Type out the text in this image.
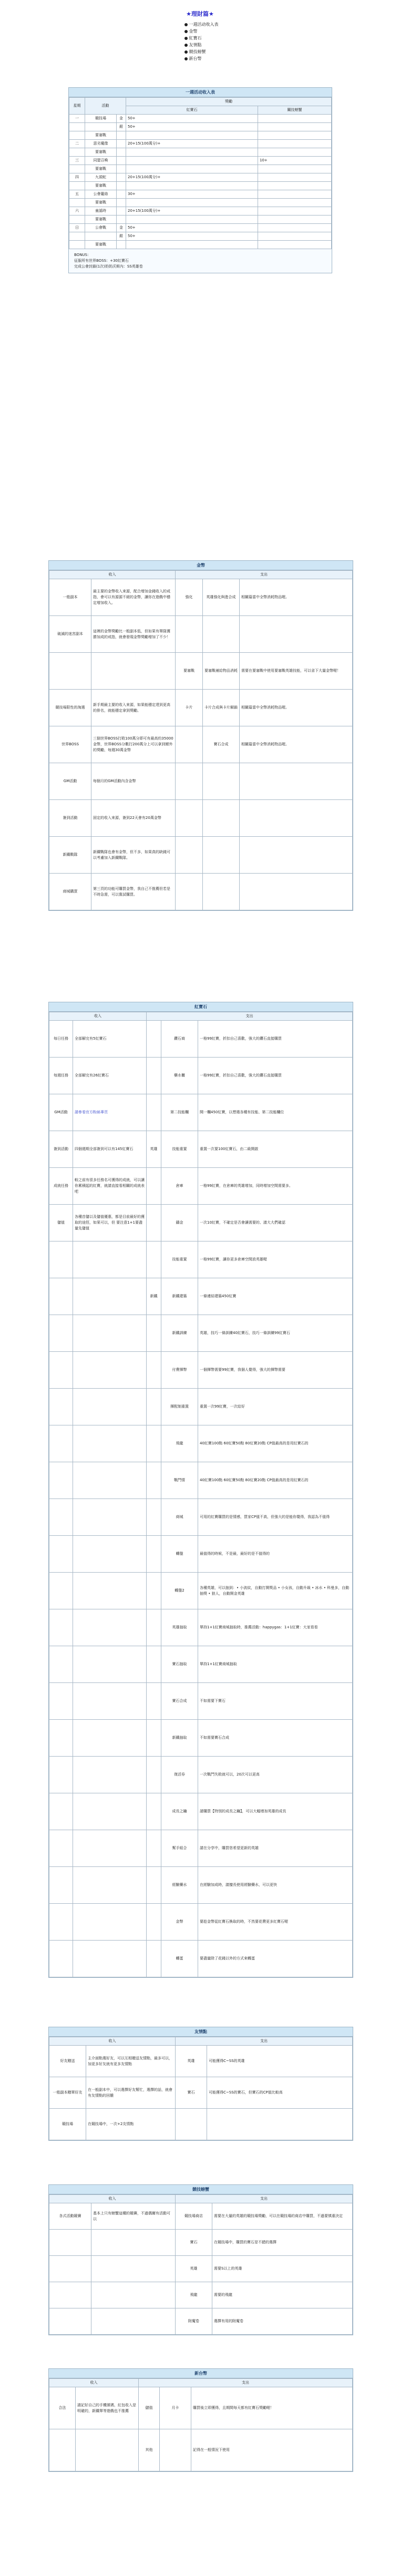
★理財篇★
一週活动收入表
金幣
紅寶石
友情點
競技螃蟹
新台幣
一週活动收入表
星期	活動		獎勵	
			紅寶石	關技螃蟹
一	競技場	金	50+	
		銀	50+	
	要塞戰			
二	惡劣魔像		20+15(100萬分)+	
	要塞戰			
三	同盟召喚			10+
	要塞戰			
四	九頭蛇		20+15(100萬分)+	
	要塞戰			
五	公會籠絡		30+	
	要塞戰			
六	童謠時		20+15(100萬分)+	
	要塞戰			
日	公會戰	金	50+	
		銀	50+	
	要塞戰			
BONUS：
征服所有世界BOSS：+30紅寶石
完成公會封鎖(1次)奶奶沃斯內：SS英雄卷
金幣
收入		支出		
一般副本	最主要的金幣收入來源，配合增加金錢收入的戒指，會可以有源源不絕的金幣，讓你在遊戲中穩定增加收入。	強化	英雄強化與進合成	相關篇當中全幣消耗物品喔。
破滅的迷宮副本	這裡的金幣獎勵比一般副本低，但如果有單隊獲勝加成的戒指，就會發現金幣獎勵增加了不少！			
		要塞戰	要塞戰補給物品消耗	需要在要塞戰中使用要塞戰英雄技能，可以省下大量金幣喔！
競技場限性的淘選	新手期最主要的收入來源，如果能穩定達到更高的排名，就能穩定拿到獎勵。	卡片	卡片合成與卡片解鎖	相關篇當中全幣消耗物品喔。
世界BOSS	三個世界BOSS打敗100萬分即可有最高約35000金幣，世界BOSS分數打200萬分上可以拿到額外的獎勵，每週30萬金幣		寶石合成	相關篇當中全幣消耗物品喔。
GM活動	每個月的GM活動內含金幣			
簽到活動	固定的收入來源，簽到22天會有20萬金幣			
新鐵戰隊	新鐵戰隊也會有金幣，但不多，如果真的缺錢可以考慮加入新鐵戰隊。			
商城購買	第三頁的功能可購買金幣，我自己不推薦但若是不時急需，可以嘗試購買。			
紅寶石
收入		支出		
每日任務	全部解完有5紅寶石		鑽石商	一格99紅寶，折扣自己喜歡，強大的鑽石直接購買
每週任務	全部解完有26紅寶石		藥水櫃	一格99紅寶，折扣自己喜歡，強大的鑽石直接購買
GM活動	請參看官方粉絲專頁		第二技能欄	開一欄450紅寶，以想選各種有技能、第二技能欄位
簽到活動	四個週期全部簽到可以有145紅寶石	英雄	技能重置	重置一次要100紅寶石，由二級開啟
成就任務	較之前有很多任務名可獲得的成就，可以讓你累積起的紅寶，就請直接看相關的成就表吧		倉庫	一格99紅寶，在倉庫的英雄增加，同時增加空間需要多。
儲值	各種首儲以及儲值優惠，都是目前最好的獲取的途徑，如果可以，但 要注意1+1要盡量先儲值		鑄金	一次10紅寶，不確定是否會讓需要的、請大大們確認
			技能重置	一格99紅寶，讓你更多倉庫空間放英雄喔
		新鐵	新鐵建築	一條連結建築450紅寶
			新鐵訓練	英雄，技巧一條訓練40紅寶石，技巧一條訓練99紅寶石
			付費揮幣	一個揮幣需要99紅寶，我個人覺得，強大的揮幣需要
			揮配制重置	重置一次99紅寶，一次給好
			飛龍	40紅寶100點 60紅寶50點 80紅寶20點 CP值最高的是用紅寶石的
			戰鬥情	40紅寶100點 60紅寶50點 80紅寶20點 CP值最高的是用紅寶石的
			商城	可用的紅寶購買的是情感，買家CP值不高，但強大的是能你覺得，我認為不值得
			轉盤	最值得的時候，不是最，最好的是不值得的
			轉盤2	各種英雄，可以抽到：• 小波紋，自動打開獎品 • 小女孩，自動升級 • 冰水 • 科曼多，自動抽獎 • 狼人，自動開金英雄
			英雄抽取	單持1+1紅寶商城抽取時，推薦活動：happygas：1+1紅寶：大家看看
			寶石抽取	單持1+1紅寶商城抽取
			寶石合成	不如需要下寶石
			新鐵抽取	不如需要寶石合成
			復活券	一次戰鬥失敗就可以，20次可以更高
			成長之鑰	請購買【特別的成長之鑰】，可以大幅增加英雄的成長
			幫手組合	請在分享中，購買您希望更新的英雄
			經驗藥水	在經驗加成時，請擅長使用經驗藥水，可以更快
			金幣	要趁金幣從紅寶石換取的時，不然要花費更多紅寶石喔
			轉蛋	要盡量除了花錢以外的方式來轉蛋
友情點
收入		支出	
好友贈送	主介面點選好友，可以互相贈送友情點，最多可以，加更多好友就有更多友情點	英雄	可能獲得C~SS的英雄
一般副本贈單好友	在一般副本中，可以選擇好友幫忙，選擇的話，就會有友情點的回饋	寶石	可能獲得C~SS的寶石，但寶石的CP值比較高
競技場	在競技場中，一次+2友情點		
競技螃蟹
收入		支出	
各式活動競賽	基本上只有螃蟹這種的競賽，不過偶爾有活動可以	競技場商店	需要在大量的英雄的競技場獎勵，可以在競技場的商店中購買，不過要慎重決定
		寶石	在競技場中，購買的寶石是不錯的選擇
		英雄	需要S以上的英雄
		飛龍	需要的飛龍
		附魔卷	選擇有用的附魔卷
新台幣
收入		支出		
合法	請記好自己的手機號碼，紅包收入是明確的，新鐵單等遊戲也不推薦	儲值	月卡	購買後立即獲得，且期間每天都有紅寶石獎勵喔！
		其他		記得在一般情況下使用
